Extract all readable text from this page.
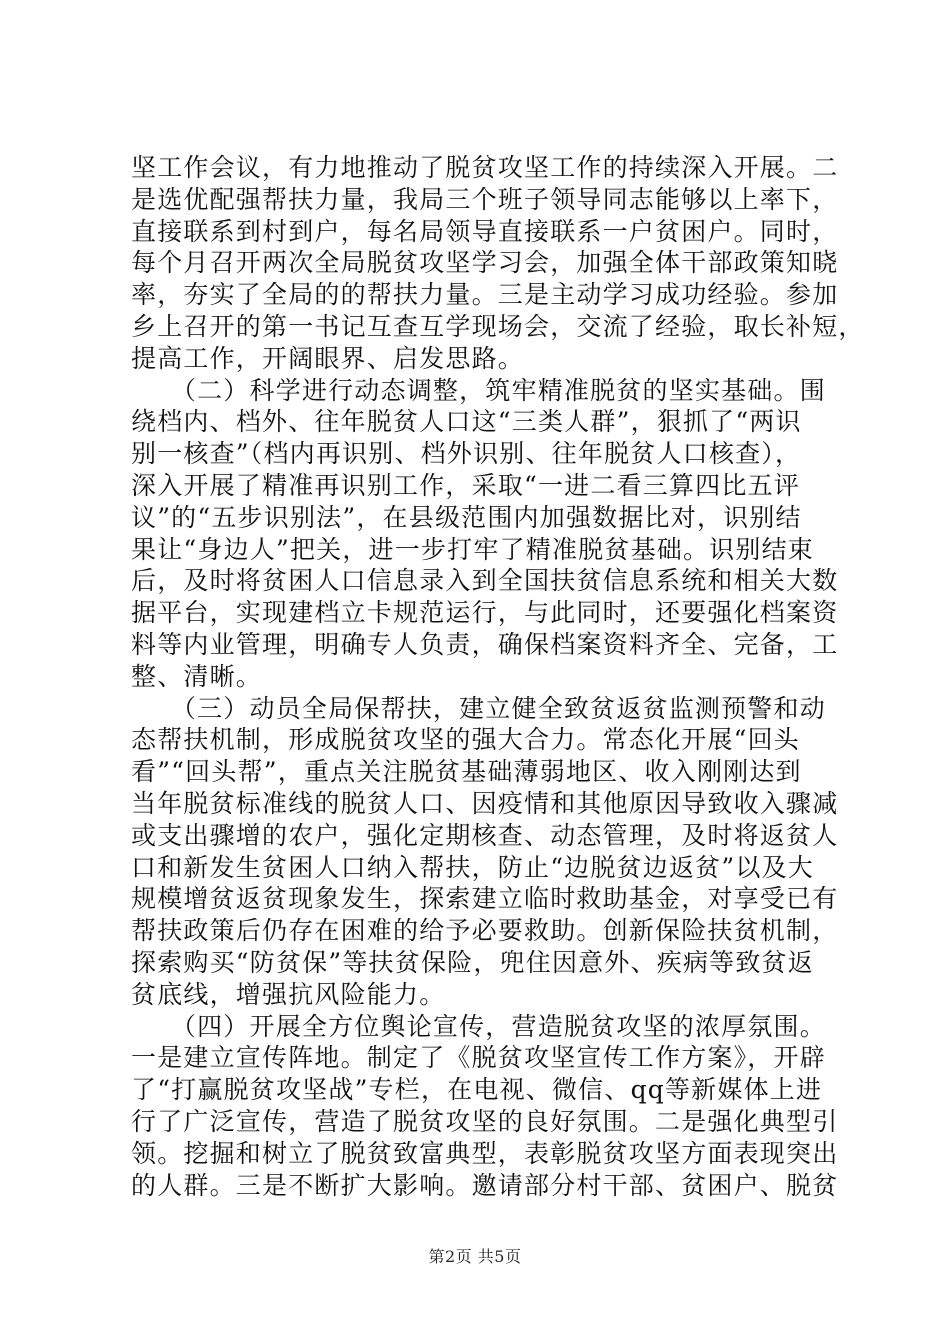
坚工作会议，有力地推动了脱贫攻坚工作的持续深入开展。二
是选优配强帮扶力量，我局三个班子领导同志能够以上率下，
直接联系到村到户，每名局领导直接联系一户贫困户。同时，
每个月召开两次全局脱贫攻坚学习会，加强全体干部政策知晓
率，夯实了全局的的帮扶力量。三是主动学习成功经验。参加
乡上召开的第一书记互查互学现场会，交流了经验，取长补短，
提高工作，开阔眼界、启发思路。
　　（二）科学进行动态调整，筑牢精准脱贫的坚实基础。围
绕档内、档外、往年脱贫人口这“三类人群”，狠抓了“两识
别一核查”（档内再识别、档外识别、往年脱贫人口核查），
深入开展了精准再识别工作，采取“一进二看三算四比五评
议”的“五步识别法”，在县级范围内加强数据比对，识别结
果让“身边人”把关，进一步打牢了精准脱贫基础。识别结束
后，及时将贫困人口信息录入到全国扶贫信息系统和相关大数
据平台，实现建档立卡规范运行，与此同时，还要强化档案资
料等内业管理，明确专人负责，确保档案资料齐全、完备，工
整、清晰。
　　（三）动员全局保帮扶，建立健全致贫返贫监测预警和动
态帮扶机制，形成脱贫攻坚的强大合力。常态化开展“回头
看”“回头帮”，重点关注脱贫基础薄弱地区、收入刚刚达到
当年脱贫标准线的脱贫人口、因疫情和其他原因导致收入骤减
或支出骤增的农户，强化定期核查、动态管理，及时将返贫人
口和新发生贫困人口纳入帮扶，防止“边脱贫边返贫”以及大
规模增贫返贫现象发生，探索建立临时救助基金，对享受已有
帮扶政策后仍存在困难的给予必要救助。创新保险扶贫机制，
探索购买“防贫保”等扶贫保险，兜住因意外、疾病等致贫返
贫底线，增强抗风险能力。
　　（四）开展全方位舆论宣传，营造脱贫攻坚的浓厚氛围。
一是建立宣传阵地。制定了《脱贫攻坚宣传工作方案》，开辟
了“打赢脱贫攻坚战”专栏，在电视、微信、qq等新媒体上进
行了广泛宣传，营造了脱贫攻坚的良好氛围。二是强化典型引
领。挖掘和树立了脱贫致富典型，表彰脱贫攻坚方面表现突出
的人群。三是不断扩大影响。邀请部分村干部、贫困户、脱贫
第2页 共5页
